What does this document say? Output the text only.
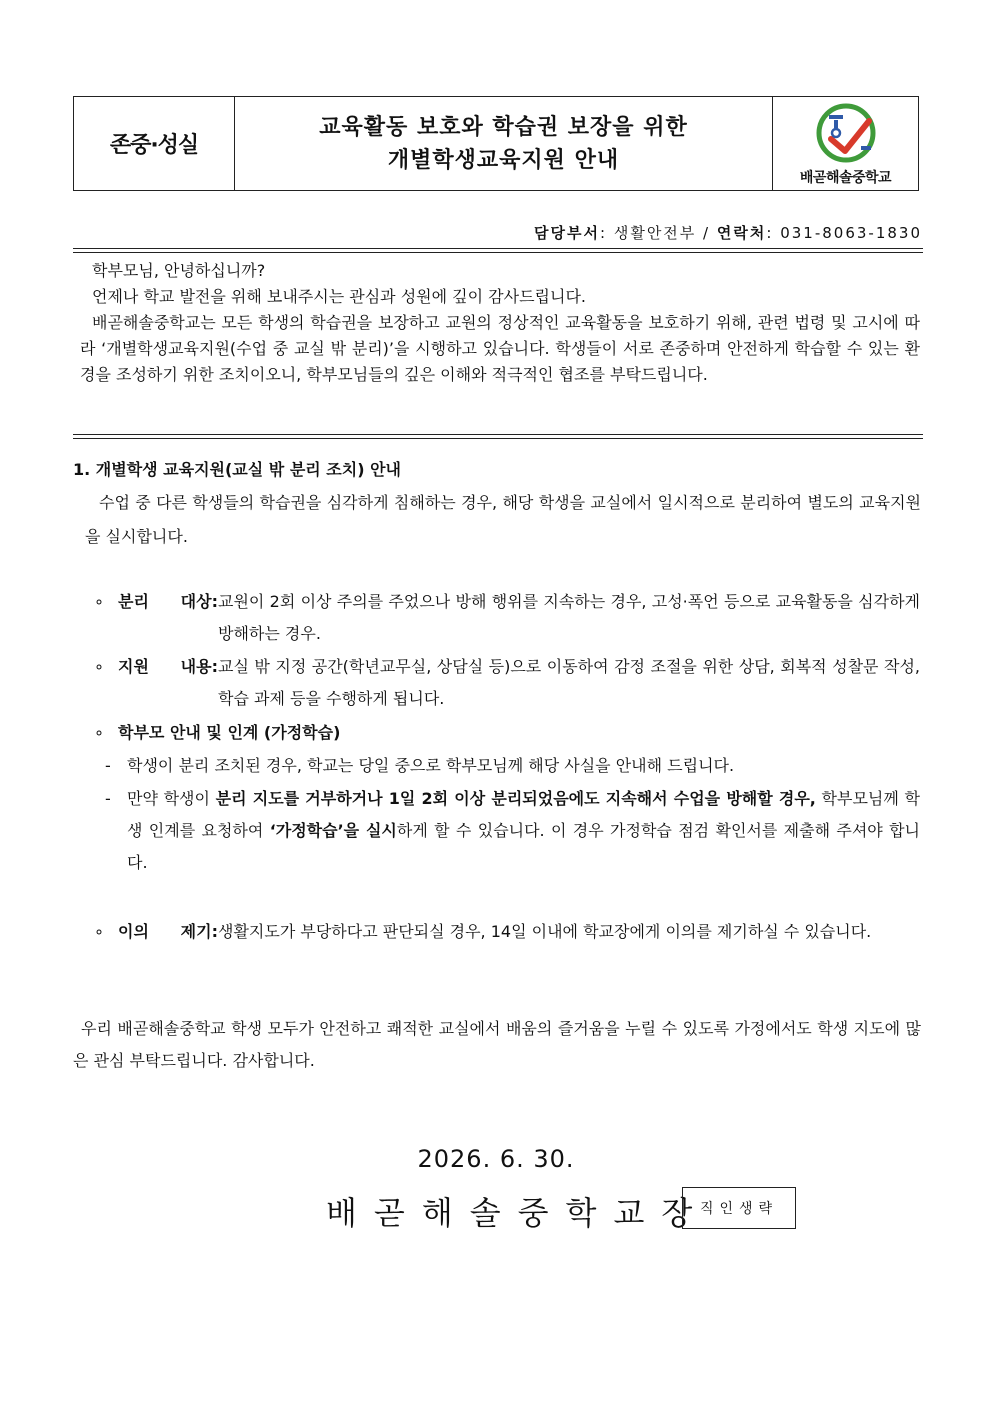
존중·성실
교육활동 보호와 학습권 보장을 위한
개별학생교육지원 안내
배곧해솔중학교
담당부서: 생활안전부 / 연락처: 031-8063-1830

학부모님, 안녕하십니까?

언제나 학교 발전을 위해 보내주시는 관심과 성원에 깊이 감사드립니다.

배곧해솔중학교는 모든 학생의 학습권을 보장하고 교원의 정상적인 교육활동을 보호하기 위해, 관련 법령 및 고시에 따라 ‘개별학생교육지원(수업 중 교실 밖 분리)’을 시행하고 있습니다. 학생들이 서로 존중하며 안전하게 학습할 수 있는 환경을 조성하기 위한 조치이오니, 학부모님들의 깊은 이해와 적극적인 협조를 부탁드립니다.

1. 개별학생 교육지원(교실 밖 분리 조치) 안내

수업 중 다른 학생들의 학습권을 심각하게 침해하는 경우, 해당 학생을 교실에서 일시적으로 분리하여 별도의 교육지원을 실시합니다.

∘ 분리 대상: 교원이 2회 이상 주의를 주었으나 방해 행위를 지속하는 경우, 고성·폭언 등으로 교육활동을 심각하게 방해하는 경우.
∘ 지원 내용: 교실 밖 지정 공간(학년교무실, 상담실 등)으로 이동하여 감정 조절을 위한 상담, 회복적 성찰문 작성, 학습 과제 등을 수행하게 됩니다.
∘ 학부모 안내 및 인계 (가정학습)
-	학생이 분리 조치된 경우, 학교는 당일 중으로 학부모님께 해당 사실을 안내해 드립니다.
-	만약 학생이 분리 지도를 거부하거나 1일 2회 이상 분리되었음에도 지속해서 수업을 방해할 경우, 학부모님께 학생 인계를 요청하여 ‘가정학습’을 실시하게 할 수 있습니다. 이 경우 가정학습 점검 확인서를 제출해 주셔야 합니다.
∘ 이의 제기: 생활지도가 부당하다고 판단되실 경우, 14일 이내에 학교장에게 이의를 제기하실 수 있습니다.
우리 배곧해솔중학교 학생 모두가 안전하고 쾌적한 교실에서 배움의 즐거움을 누릴 수 있도록 가정에서도 학생 지도에 많은 관심 부탁드립니다. 감사합니다.
2026. 6. 30.
배곧해솔중학교장
직인생략
